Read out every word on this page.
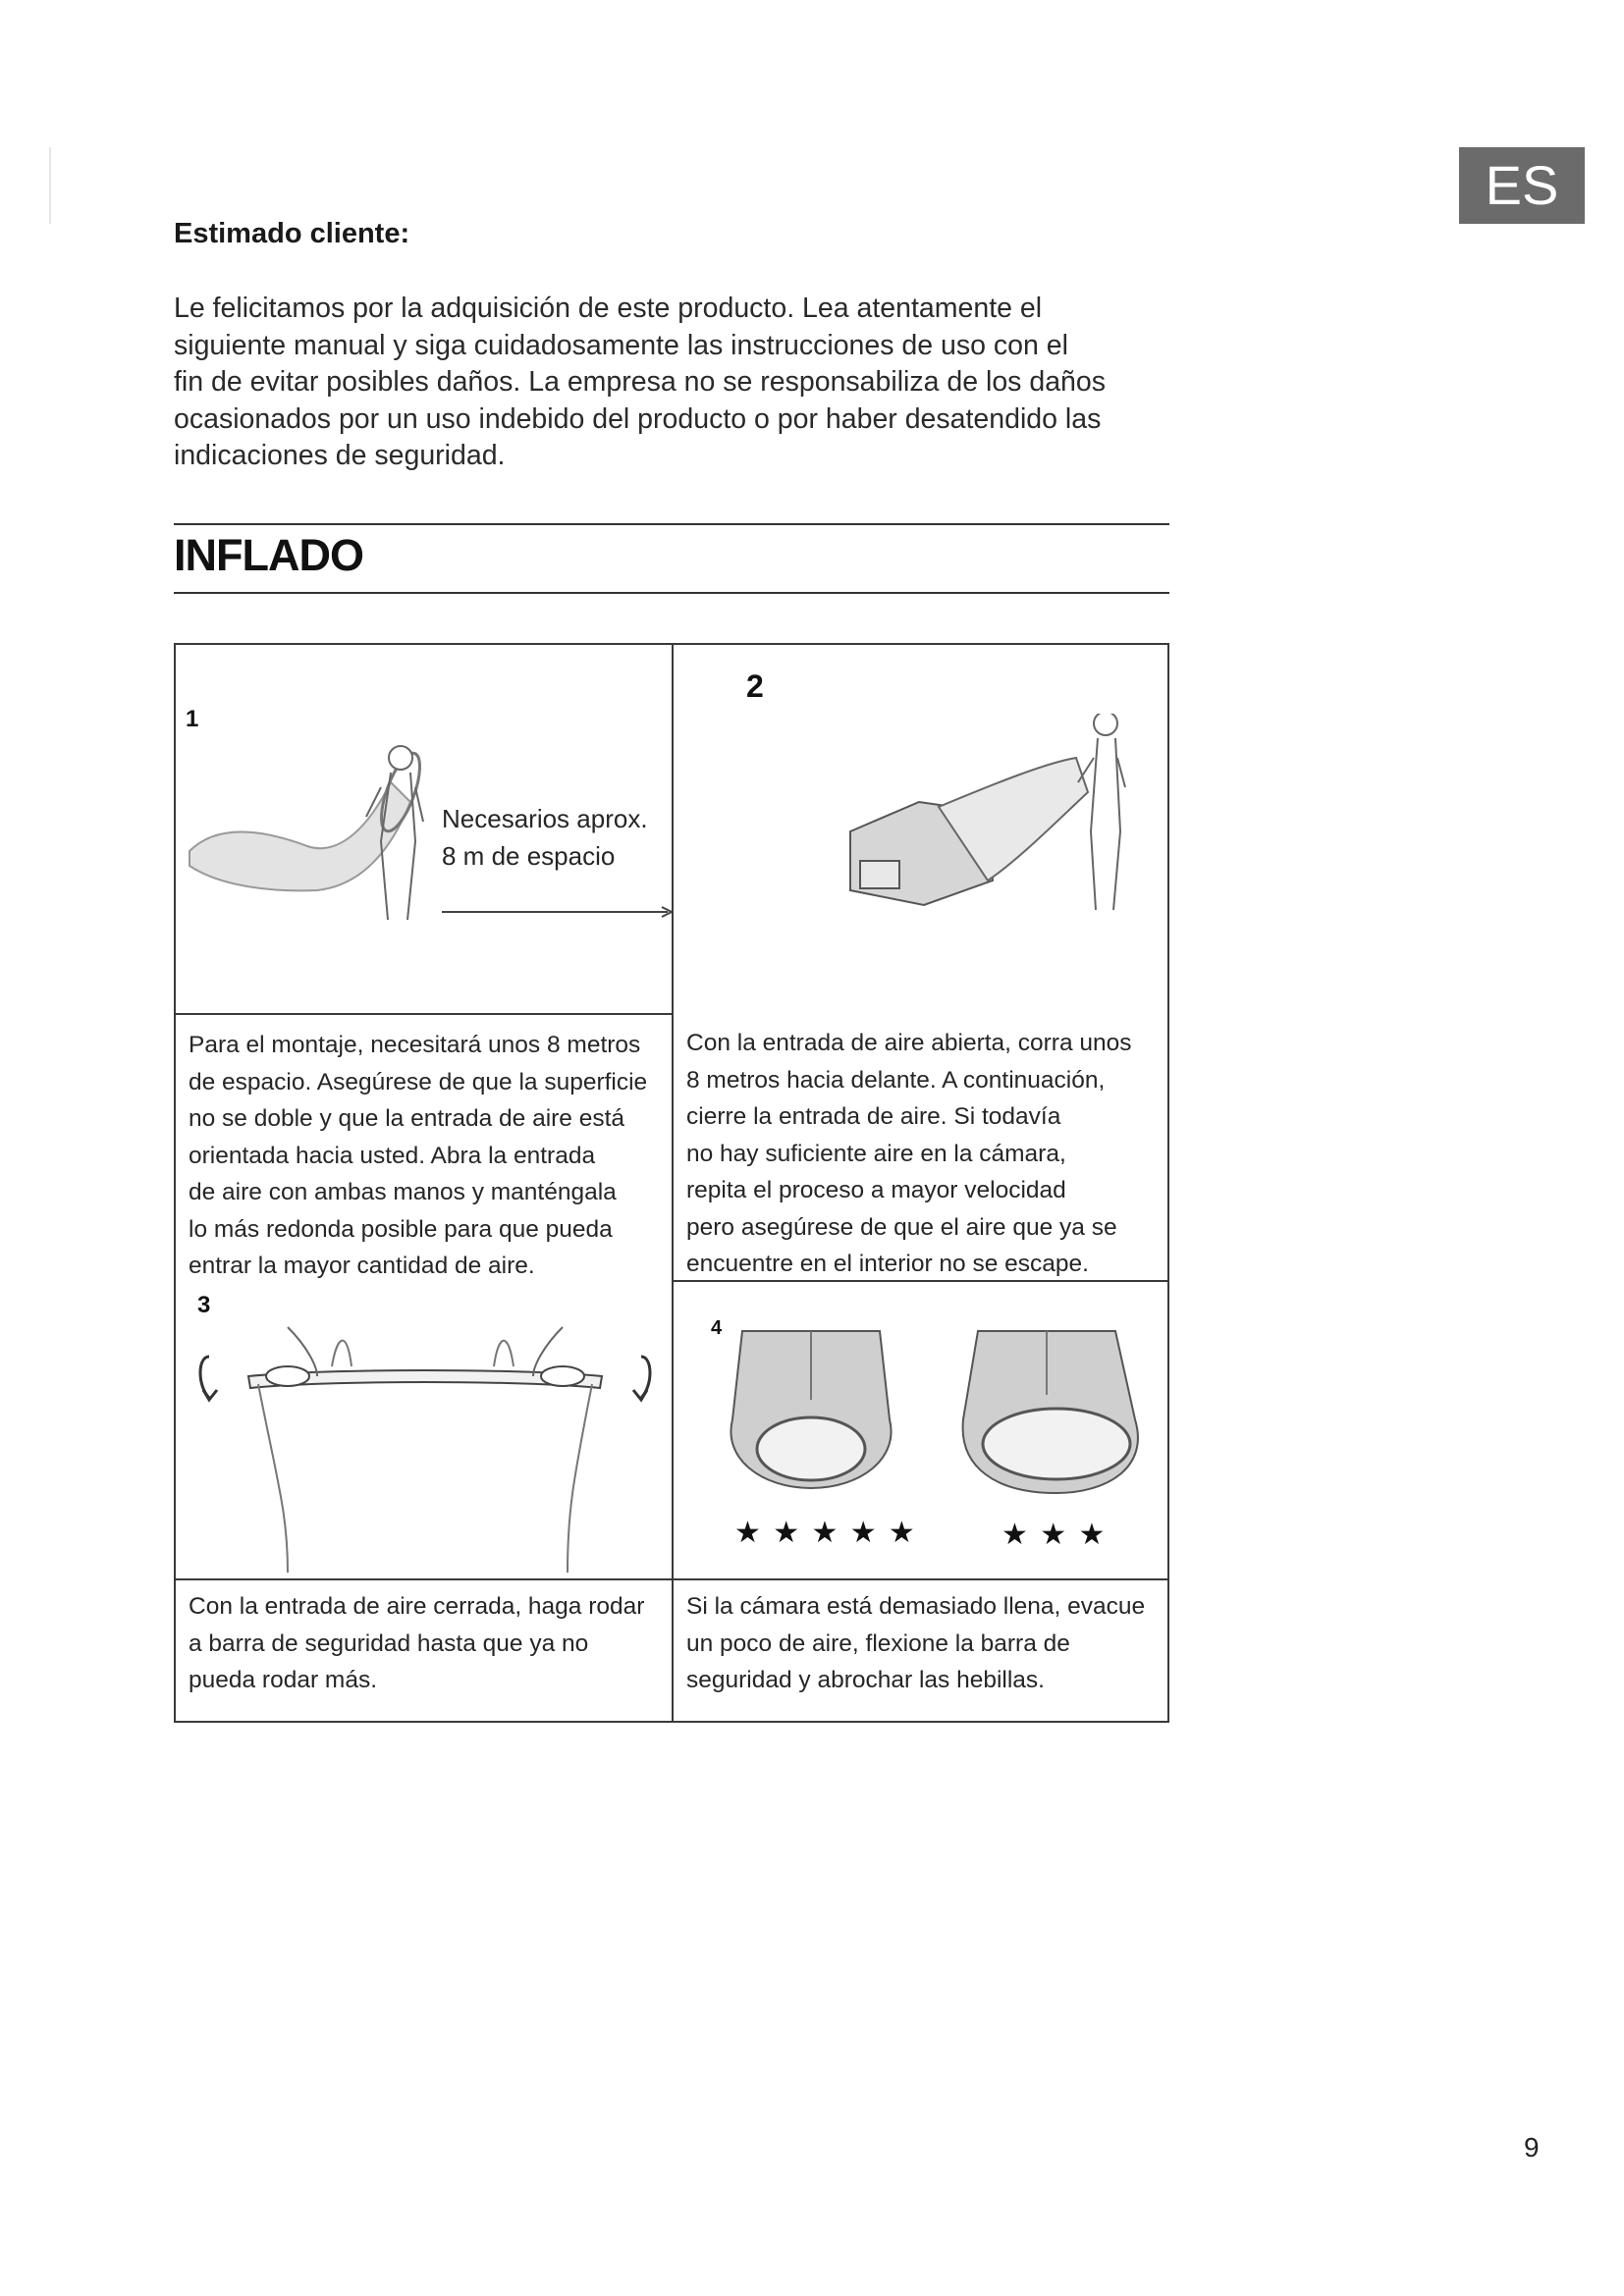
ES
Estimado cliente:
Le felicitamos por la adquisición de este producto. Lea atentamente el
siguiente manual y siga cuidadosamente las instrucciones de uso con el
fin de evitar posibles daños. La empresa no se responsabiliza de los daños
ocasionados por un uso indebido del producto o por haber desatendido las
indicaciones de seguridad.
INFLADO
1
Necesarios aprox.
8 m de espacio
2
Para el montaje, necesitará unos 8 metros
de espacio. Asegúrese de que la superficie
no se doble y que la entrada de aire está
orientada hacia usted. Abra la entrada
de aire con ambas manos y manténgala
lo más redonda posible para que pueda
entrar la mayor cantidad de aire.
Con la entrada de aire abierta, corra unos
8 metros hacia delante. A continuación,
cierre la entrada de aire. Si todavía
no hay suficiente aire en la cámara,
repita el proceso a mayor velocidad
pero asegúrese de que el aire que ya se
encuentre en el interior no se escape.
3
4
★ ★ ★ ★ ★	★ ★ ★
Con la entrada de aire cerrada, haga rodar
a barra de seguridad hasta que ya no
pueda rodar más.
Si la cámara está demasiado llena, evacue
un poco de aire, flexione la barra de
seguridad y abrochar las hebillas.
9
